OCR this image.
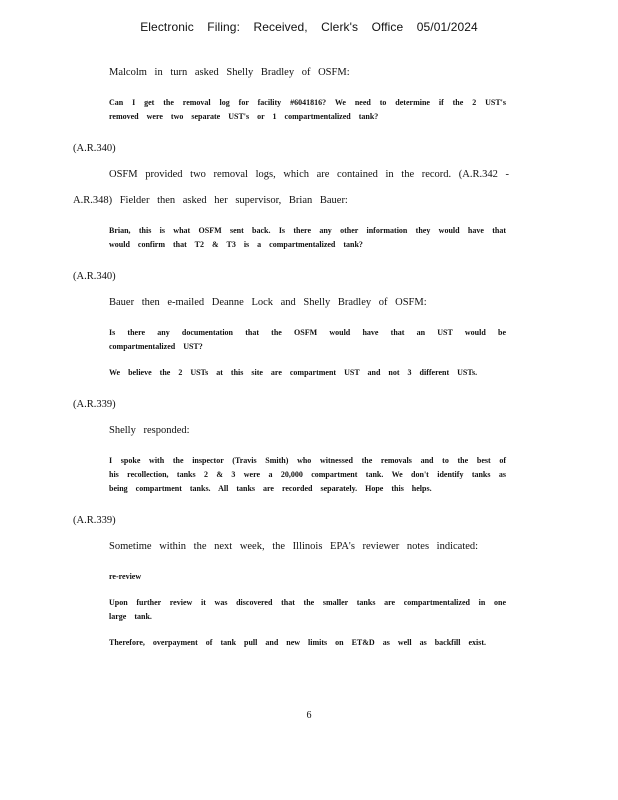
Electronic Filing: Received, Clerk's Office 05/01/2024

Malcolm in turn asked Shelly Bradley of OSFM:

Can I get the removal log for facility #6041816? We need to determine if the 2 UST's removed were two separate UST's or 1 compartmentalized tank?

(A.R.340)

OSFM provided two removal logs, which are contained in the record. (A.R.342 - A.R.348) Fielder then asked her supervisor, Brian Bauer:

Brian, this is what OSFM sent back. Is there any other information they would have that would confirm that T2 & T3 is a compartmentalized tank?

(A.R.340)

Bauer then e-mailed Deanne Lock and Shelly Bradley of OSFM:

Is there any documentation that the OSFM would have that an UST would be compartmentalized UST?

We believe the 2 USTs at this site are compartment UST and not 3 different USTs.

(A.R.339)

Shelly responded:

I spoke with the inspector (Travis Smith) who witnessed the removals and to the best of his recollection, tanks 2 & 3 were a 20,000 compartment tank. We don't identify tanks as being compartment tanks. All tanks are recorded separately. Hope this helps.

(A.R.339)

Sometime within the next week, the Illinois EPA's reviewer notes indicated:

re-review

Upon further review it was discovered that the smaller tanks are compartmentalized in one large tank.

Therefore, overpayment of tank pull and new limits on ET&D as well as backfill exist.

6
